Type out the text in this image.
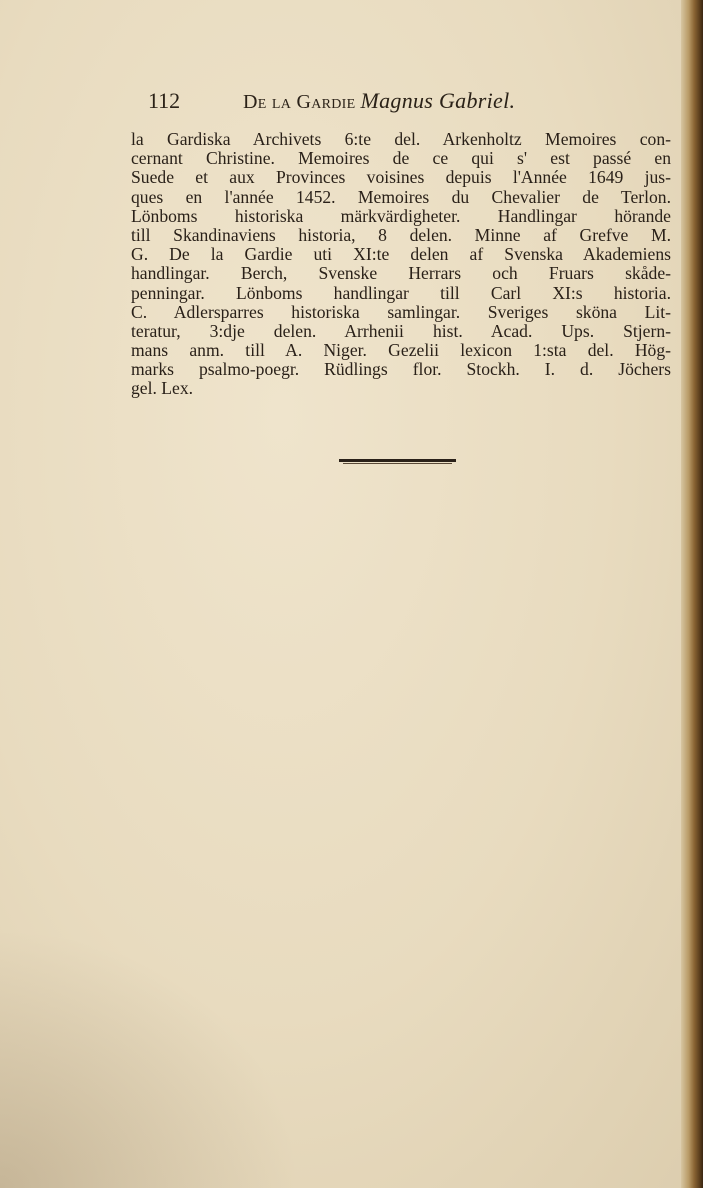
112	De la Gardie Magnus Gabriel.
la Gardiska Archivets 6:te del. Arkenholtz Memoires con-
cernant Christine. Memoires de ce qui s' est passé en
Suede et aux Provinces voisines depuis l'Année 1649 jus-
ques en l'année 1452. Memoires du Chevalier de Terlon.
Lönboms historiska märkvärdigheter. Handlingar hörande
till Skandinaviens historia, 8 delen. Minne af Grefve M.
G. De la Gardie uti XI:te delen af Svenska Akademiens
handlingar. Berch, Svenske Herrars och Fruars skåde-
penningar. Lönboms handlingar till Carl XI:s historia.
C. Adlersparres historiska samlingar. Sveriges sköna Lit-
teratur, 3:dje delen. Arrhenii hist. Acad. Ups. Stjern-
mans anm. till A. Niger. Gezelii lexicon 1:sta del. Hög-
marks psalmo-poegr. Rüdlings flor. Stockh. I. d. Jöchers
gel. Lex.
